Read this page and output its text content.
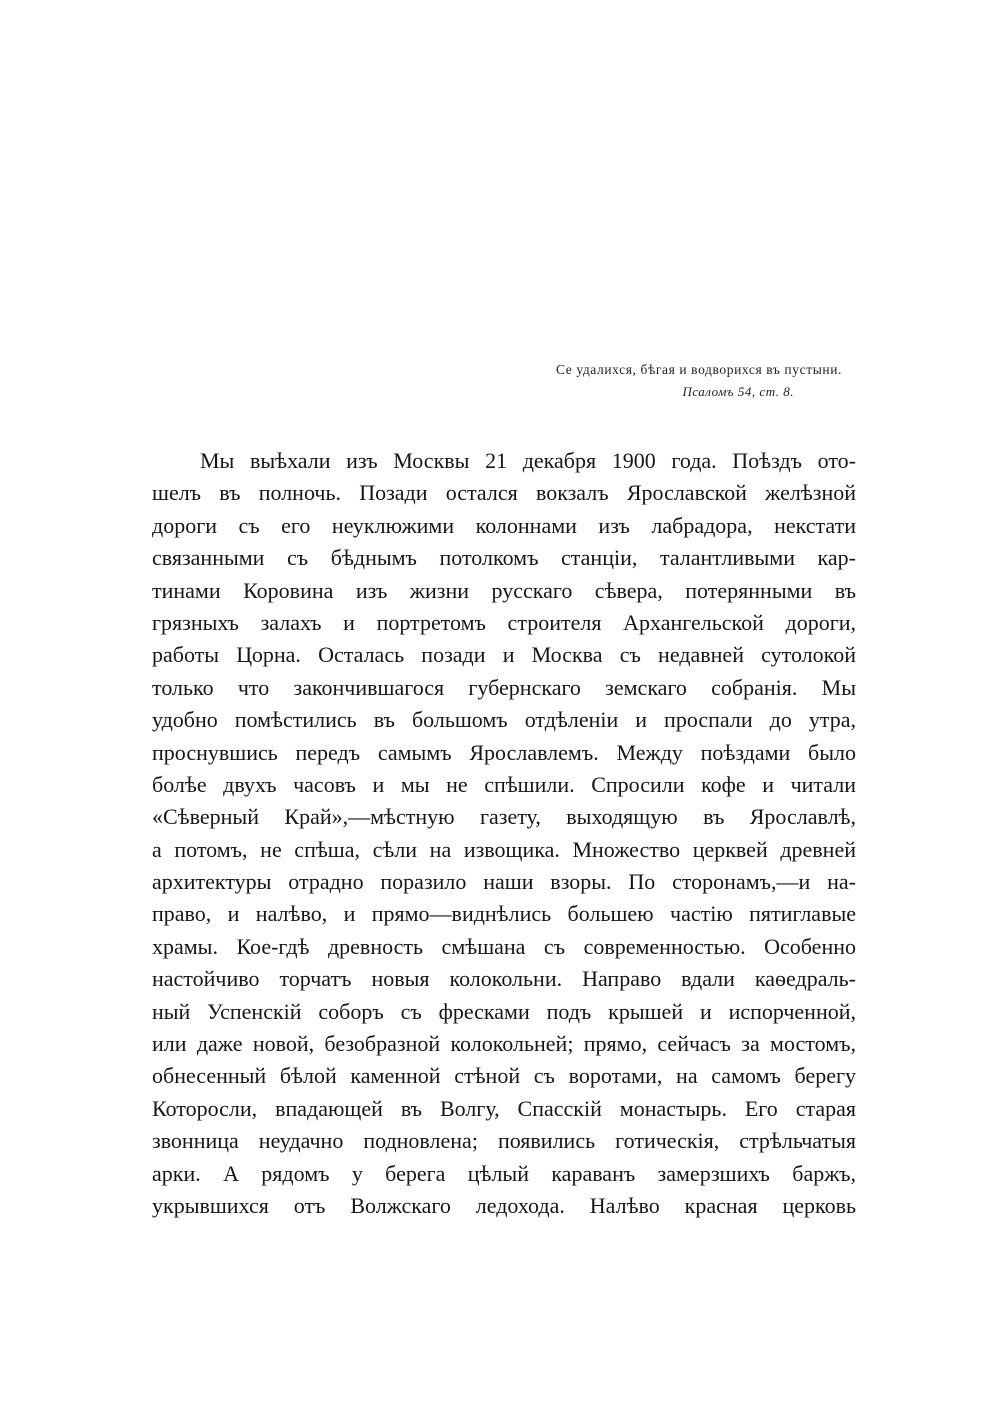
Се удалихся, бѣгая и водворихся въ пустыни.
Псаломъ 54, ст. 8.
Мы выѣхали изъ Москвы 21 декабря 1900 года. Поѣздъ ото-
шелъ въ полночь. Позади остался вокзалъ Ярославской желѣзной
дороги съ его неуклюжими колоннами изъ лабрадора, некстати
связанными съ бѣднымъ потолкомъ станціи, талантливыми кар-
тинами Коровина изъ жизни русскаго сѣвера, потерянными въ
грязныхъ залахъ и портретомъ строителя Архангельской дороги,
работы Цорна. Осталась позади и Москва съ недавней сутолокой
только что закончившагося губернскаго земскаго собранія. Мы
удобно помѣстились въ большомъ отдѣленіи и проспали до утра,
проснувшись передъ самымъ Ярославлемъ. Между поѣздами было
болѣе двухъ часовъ и мы не спѣшили. Спросили кофе и читали
«Сѣверный Край»,—мѣстную газету, выходящую въ Ярославлѣ,
а потомъ, не спѣша, сѣли на извощика. Множество церквей древней
архитектуры отрадно поразило наши взоры. По сторонамъ,—и на-
право, и налѣво, и прямо—виднѣлись большею частію пятиглавые
храмы. Кое-гдѣ древность смѣшана съ современностью. Особенно
настойчиво торчатъ новыя колокольни. Направо вдали каѳедраль-
ный Успенскій соборъ съ фресками подъ крышей и испорченной,
или даже новой, безобразной колокольней; прямо, сейчасъ за мостомъ,
обнесенный бѣлой каменной стѣной съ воротами, на самомъ берегу
Которосли, впадающей въ Волгу, Спасскій монастырь. Его старая
звонница неудачно подновлена; появились готическія, стрѣльчатыя
арки. А рядомъ у берега цѣлый караванъ замерзшихъ баржъ,
укрывшихся отъ Волжскаго ледохода. Налѣво красная церковь
